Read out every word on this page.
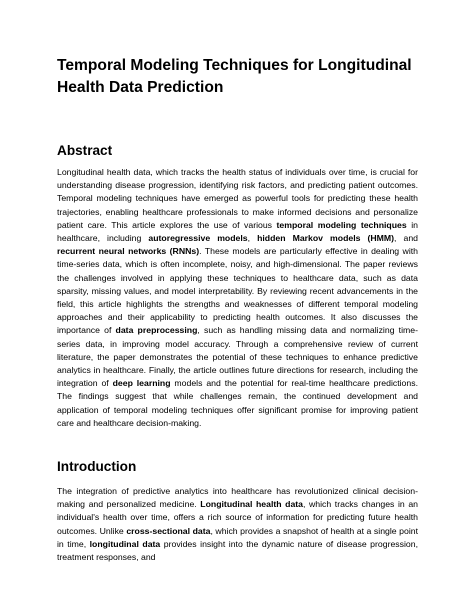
Temporal Modeling Techniques for Longitudinal Health Data Prediction
Abstract

Longitudinal health data, which tracks the health status of individuals over time, is crucial for understanding disease progression, identifying risk factors, and predicting patient outcomes. Temporal modeling techniques have emerged as powerful tools for predicting these health trajectories, enabling healthcare professionals to make informed decisions and personalize patient care. This article explores the use of various temporal modeling techniques in healthcare, including autoregressive models, hidden Markov models (HMM), and recurrent neural networks (RNNs). These models are particularly effective in dealing with time-series data, which is often incomplete, noisy, and high-dimensional. The paper reviews the challenges involved in applying these techniques to healthcare data, such as data sparsity, missing values, and model interpretability. By reviewing recent advancements in the field, this article highlights the strengths and weaknesses of different temporal modeling approaches and their applicability to predicting health outcomes. It also discusses the importance of data preprocessing, such as handling missing data and normalizing time-series data, in improving model accuracy. Through a comprehensive review of current literature, the paper demonstrates the potential of these techniques to enhance predictive analytics in healthcare. Finally, the article outlines future directions for research, including the integration of deep learning models and the potential for real-time healthcare predictions. The findings suggest that while challenges remain, the continued development and application of temporal modeling techniques offer significant promise for improving patient care and healthcare decision-making.

Introduction

The integration of predictive analytics into healthcare has revolutionized clinical decision-making and personalized medicine. Longitudinal health data, which tracks changes in an individual's health over time, offers a rich source of information for predicting future health outcomes. Unlike cross-sectional data, which provides a snapshot of health at a single point in time, longitudinal data provides insight into the dynamic nature of disease progression, treatment responses, and
